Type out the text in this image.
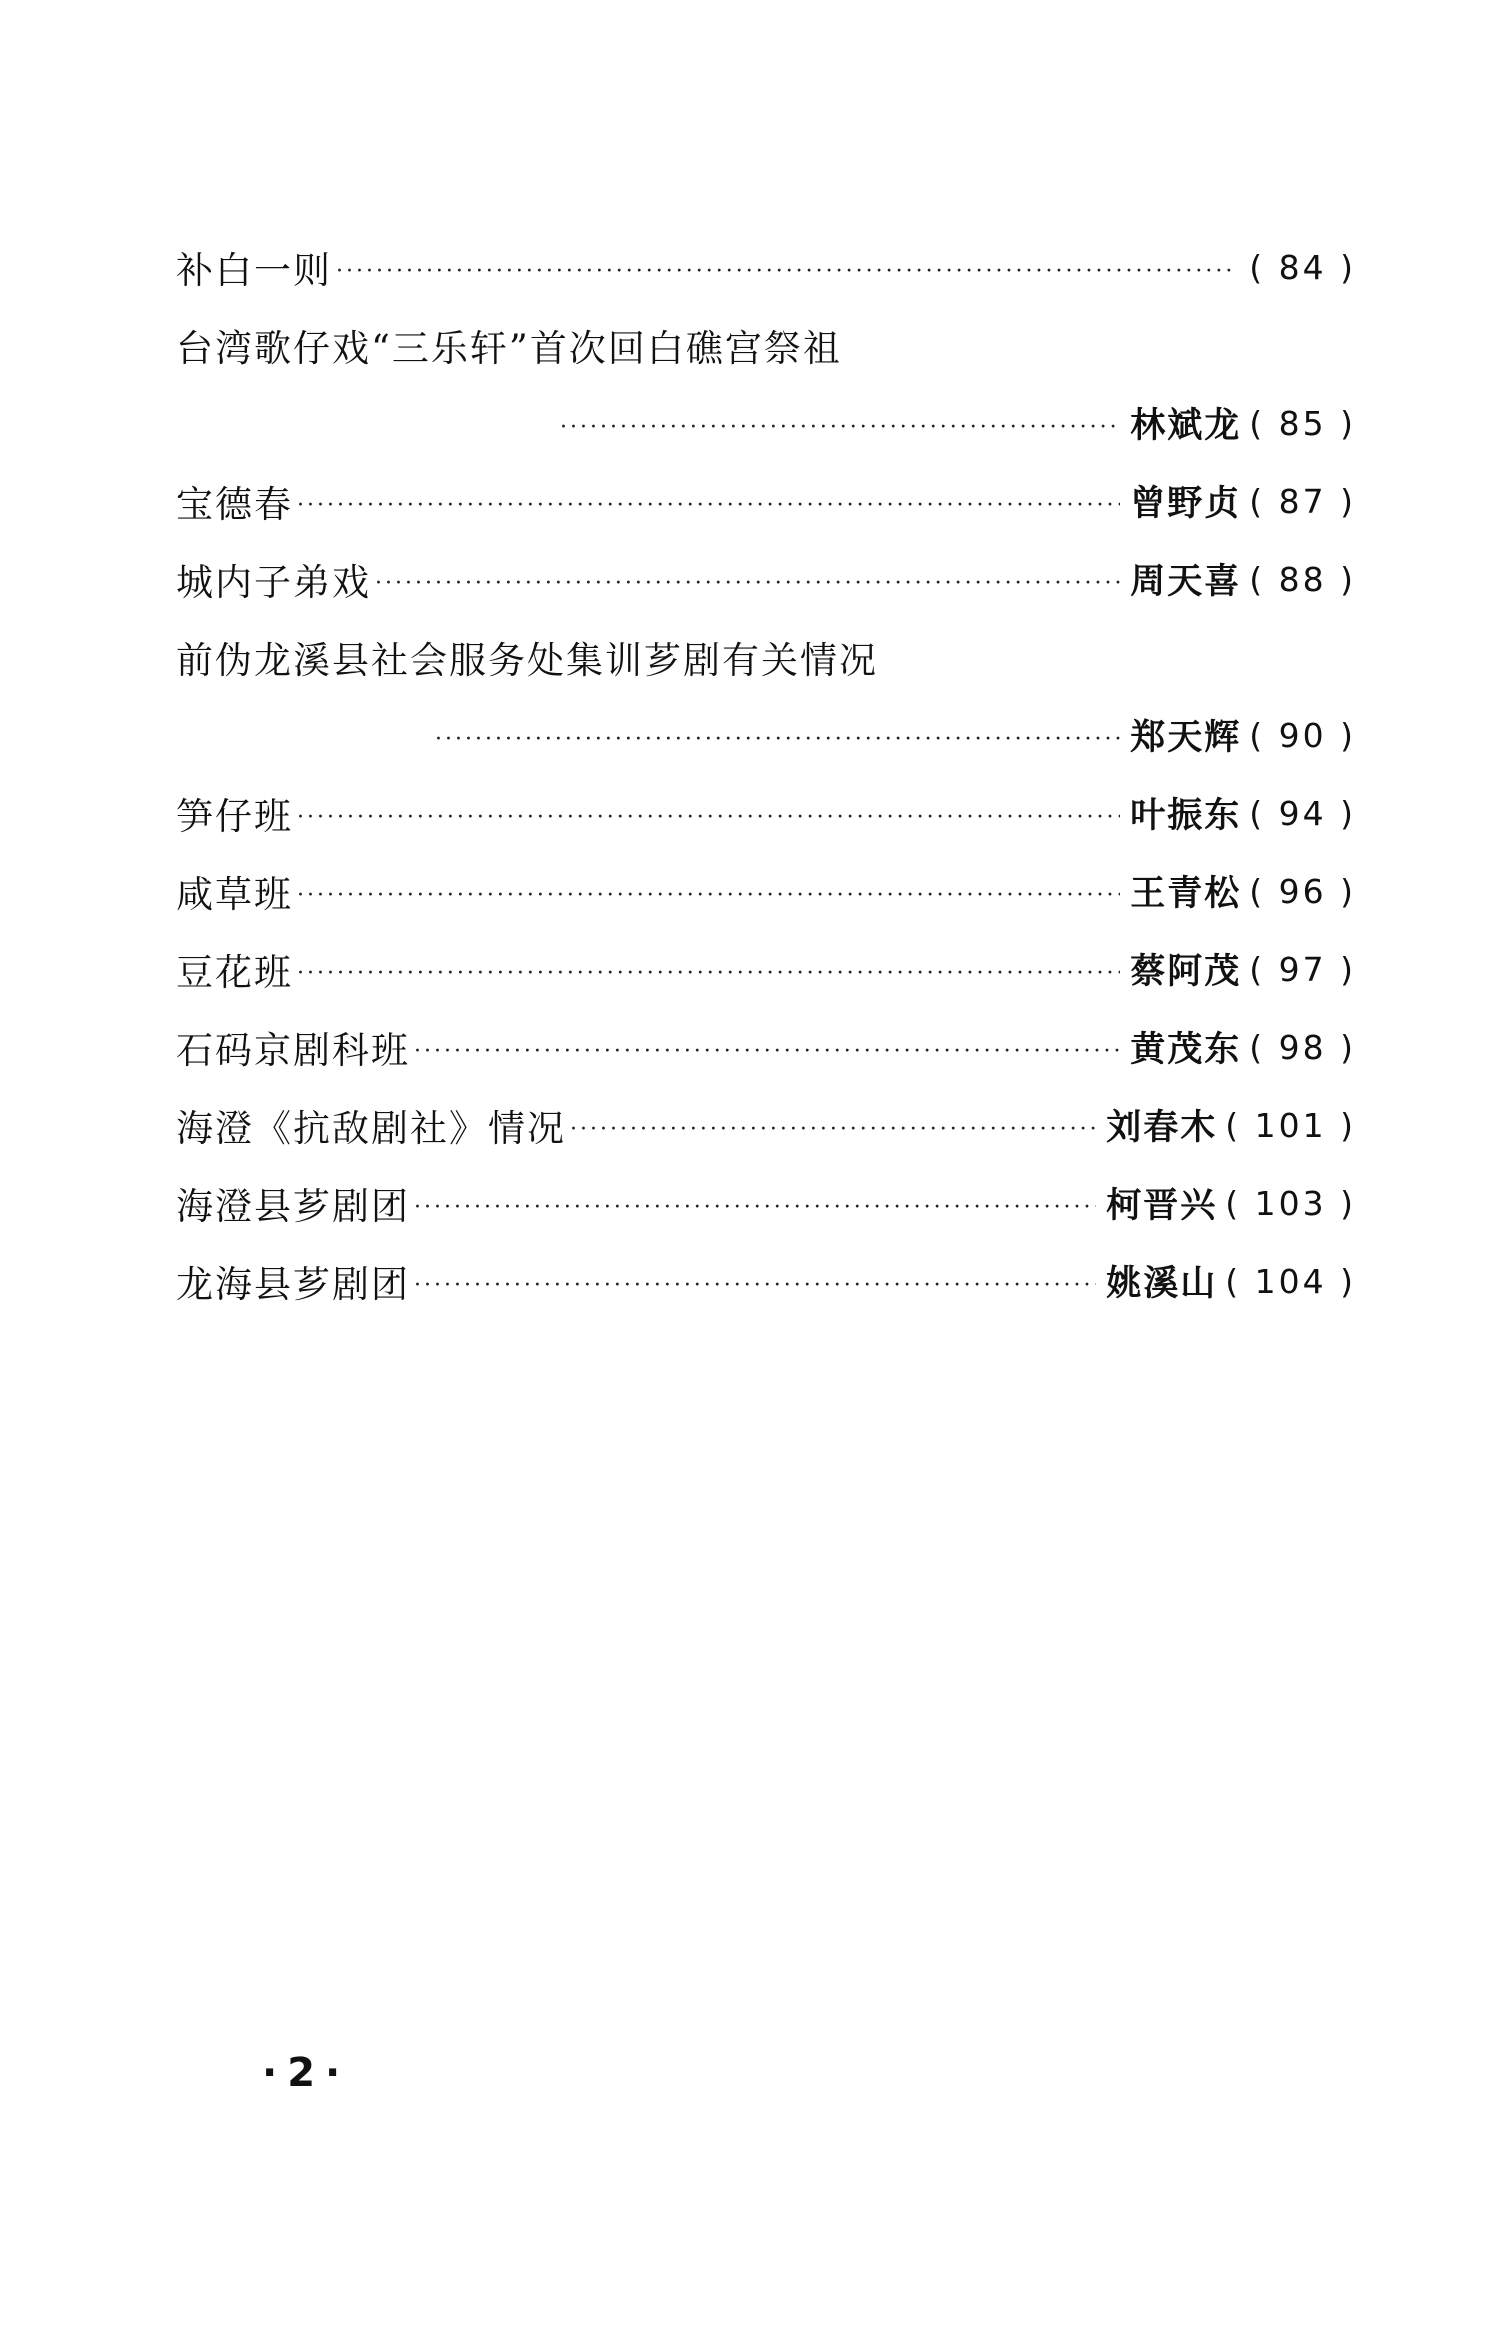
补白一则 ·····	( 84 )
台湾歌仔戏“三乐轩”首次回白礁宫祭祖
·····
林斌龙 ( 85 )
宝德春 ·····	曾野贞 ( 87 )
城内子弟戏 ·····	周天喜 ( 88 )
前伪龙溪县社会服务处集训芗剧有关情况
·····
郑天辉 ( 90 )
笋仔班 ·····	叶振东 ( 94 )
咸草班 ·····	王青松 ( 96 )
豆花班 ·····	蔡阿茂 ( 97 )
石码京剧科班 ·····	黄茂东 ( 98 )
海澄《抗敌剧社》情况 ·····	刘春木 ( 101 )
海澄县芗剧团 ·····	柯晋兴 ( 103 )
龙海县芗剧团 ·····	姚溪山 ( 104 )
·2·
